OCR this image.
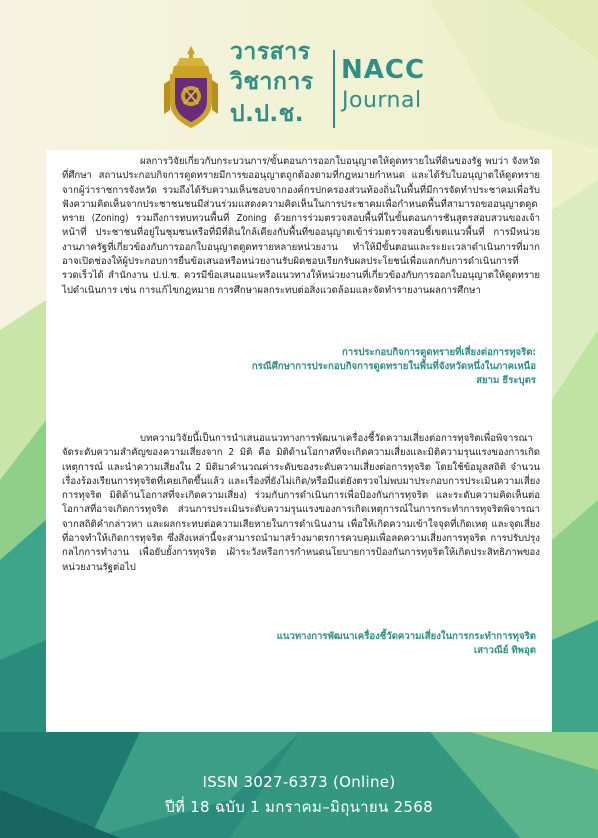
วารสาร
วิชาการ
ป.ป.ช.
NACC
Journal

ผลการวิจัยเกี่ยวกับกระบวนการ/ขั้นตอนการออกใบอนุญาตให้ดูดทรายในที่ดินของรัฐ พบว่า จังหวัดที่ศึกษา สถานประกอบกิจการดูดทรายมีการขออนุญาตถูกต้องตามที่กฎหมายกำหนด และได้รับใบอนุญาตให้ดูดทรายจากผู้ว่าราชการจังหวัด รวมถึงได้รับความเห็นชอบจากองค์กรปกครองส่วนท้องถิ่นในพื้นที่มีการจัดทำประชาคมเพื่อรับฟังความคิดเห็นจากประชาชนชนมีส่วนร่วมแสดงความคิดเห็นในการประชาคมเพื่อกำหนดพื้นที่สามารถขออนุญาตดูดทราย (Zoning) รวมถึงการทบทวนพื้นที่ Zoning ด้วยการร่วมตรวจสอบพื้นที่ในขั้นตอนการชันสูตรสอบสวนของเจ้าหน้าที่ ประชาชนที่อยู่ในชุมชนหรือที่มีที่ดินใกล้เคียงกับพื้นที่ขออนุญาตเข้าร่วมตรวจสอบชี้เขตแนวพื้นที่ การมีหน่วยงานภาครัฐที่เกี่ยวข้องกับการออกใบอนุญาตดูดทรายหลายหน่วยงาน ทำให้มีขั้นตอนและระยะเวลาดำเนินการที่มาก อาจเปิดช่องให้ผู้ประกอบการยื่นข้อเสนอหรือหน่วยงานรับผิดชอบเรียกรับผลประโยชน์เพื่อแลกกับการดำเนินการที่รวดเร็วได้ สำนักงาน ป.ป.ช. ควรมีข้อเสนอแนะหรือแนวทางให้หน่วยงานที่เกี่ยวข้องกับการออกใบอนุญาตให้ดูดทรายไปดำเนินการ เช่น การแก้ไขกฎหมาย การศึกษาผลกระทบต่อสิ่งแวดล้อมและจัดทำรายงานผลการศึกษา

การประกอบกิจการดูดทรายที่เสี่ยงต่อการทุจริต:
กรณีศึกษาการประกอบกิจการดูดทรายในพื้นที่จังหวัดหนึ่งในภาคเหนือ
สยาม ธีระบุตร

บทความวิจัยนี้เป็นการนำเสนอแนวทางการพัฒนาเครื่องชี้วัดความเสี่ยงต่อการทุจริตเพื่อพิจารณาจัดระดับความสำคัญของความเสี่ยงจาก 2 มิติ คือ มิติด้านโอกาสที่จะเกิดความเสี่ยงและมิติความรุนแรงของการเกิดเหตุการณ์ และนำความเสี่ยงใน 2 มิติมาคำนวณค่าระดับของระดับความเสี่ยงต่อการทุจริต โดยใช้ข้อมูลสถิติ จำนวนเรื่องร้องเรียนการทุจริตที่เคยเกิดขึ้นแล้ว และเรื่องที่ยังไม่เกิด/หรือมีแต่ยังตรวจไม่พบมาประกอบการประเมินความเสี่ยงการทุจริต มิติด้านโอกาสที่จะเกิดความเสี่ยง) ร่วมกับการดำเนินการเพื่อป้องกันการทุจริต และระดับความคิดเห็นต่อโอกาสที่อาจเกิดการทุจริต ส่วนการประเมินระดับความรุนแรงของการเกิดเหตุการณ์ในการกระทำการทุจริตพิจารณาจากสถิติคำกล่าวหา และผลกระทบต่อความเสียหายในการดำเนินงาน เพื่อให้เกิดความเข้าใจจุดที่เกิดเหตุ และจุดเสี่ยงที่อาจทำให้เกิดการทุจริต ซึ่งสิ่งเหล่านี้จะสามารถนำมาสร้างมาตรการควบคุมเพื่อลดความเสี่ยงการทุจริต การปรับปรุงกลไกการทำงาน เพื่อยับยั้งการทุจริต เฝ้าระวังหรือการกำหนดนโยบายการป้องกันการทุจริตให้เกิดประสิทธิภาพของหน่วยงานรัฐต่อไป

แนวทางการพัฒนาเครื่องชี้วัดความเสี่ยงในการกระทำการทุจริต
เสาวณีย์ ทิพอุต
ISSN 3027-6373 (Online)
ปีที่ 18 ฉบับ 1 มกราคม–มิถุนายน 2568
